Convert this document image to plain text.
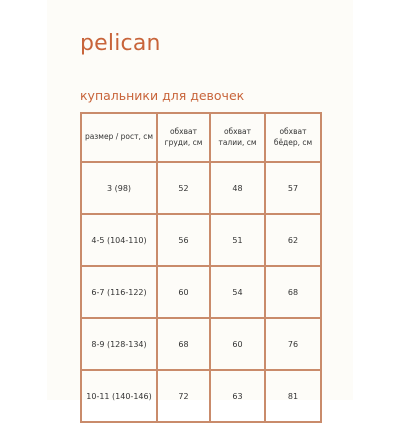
pelican
купальники для девочек
размер / рост, см	обхват груди, см	обхват талии, см	обхват бёдер, см
3 (98)	52	48	57
4-5 (104-110)	56	51	62
6-7 (116-122)	60	54	68
8-9 (128-134)	68	60	76
10-11 (140-146)	72	63	81
